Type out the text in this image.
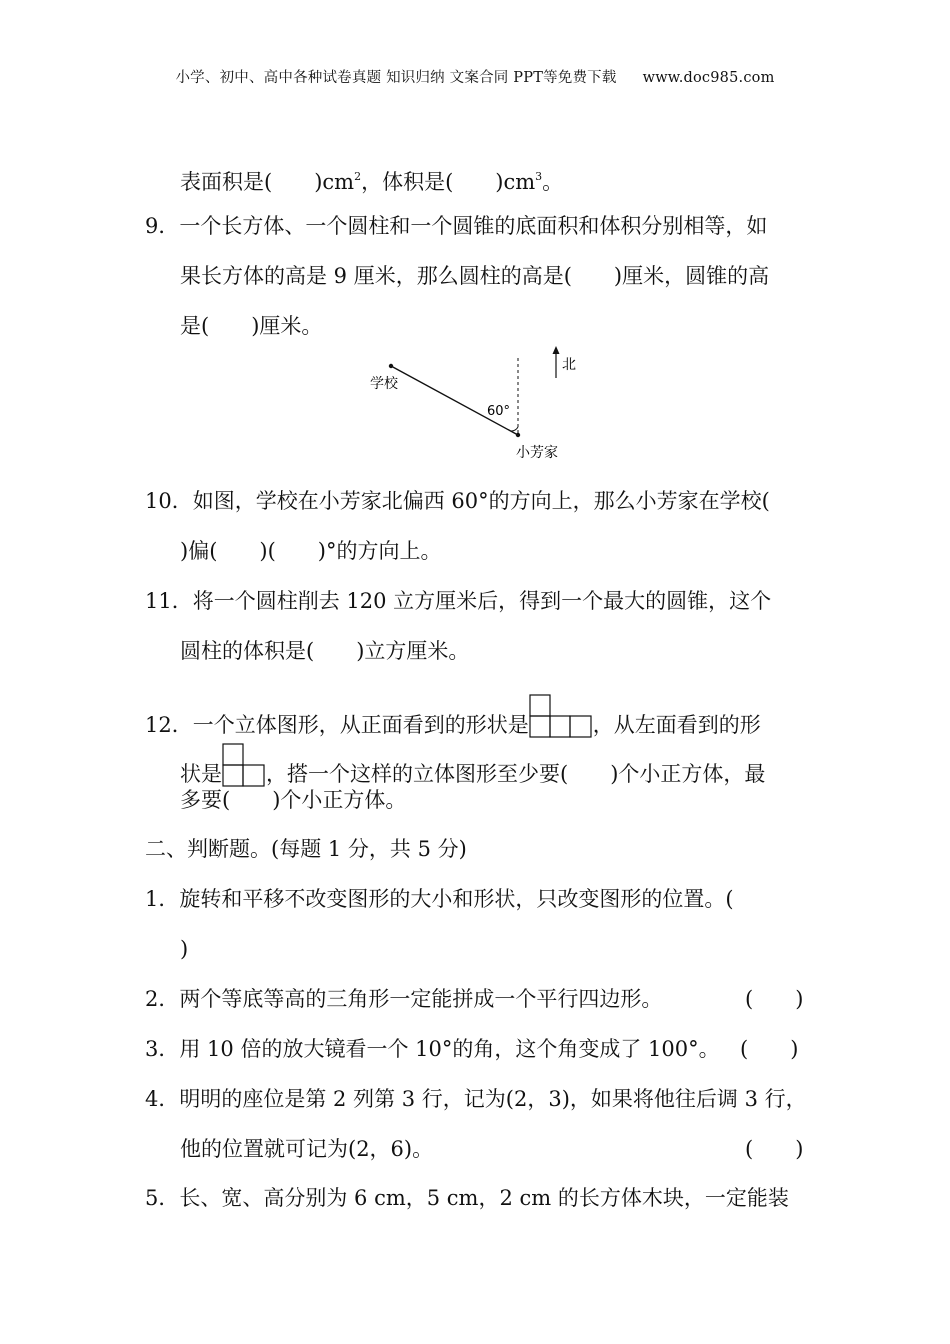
小学、初中、高中各种试卷真题 知识归纳 文案合同 PPT等免费下载 www.doc985.com
表面积是(　　 )$cm^2$，体积是(　　 )$cm^3$。
9．一个长方体、一个圆柱和一个圆锥的底面积和体积分别相等，如
果长方体的高是 9 厘米，那么圆柱的高是(　　)厘米，圆锥的高
是(　　)厘米。
北
学校
60°
小芳家
10．如图，学校在小芳家北偏西 60°的方向上，那么小芳家在学校(
)偏(　　)(　　)°的方向上。
11．将一个圆柱削去 120 立方厘米后，得到一个最大的圆锥，这个
圆柱的体积是(　　)立方厘米。
12．一个立体图形，从正面看到的形状是	，从左面看到的形
状是 ，搭一个这样的立体图形至少要(　　)个小正方体，最
多要(　　)个小正方体。
二、判断题。(每题 1 分，共 5 分)
1．旋转和平移不改变图形的大小和形状，只改变图形的位置。(
)
2．两个等底等高的三角形一定能拼成一个平行四边形。	(　　)
3．用 10 倍的放大镜看一个 10°的角，这个角变成了 100°。 (　　)
4．明明的座位是第 2 列第 3 行，记为(2，3)，如果将他往后调 3 行，
他的位置就可记为(2，6)。	(　　)
5．长、宽、高分别为 6 cm，5 cm，2 cm 的长方体木块，一定能装
